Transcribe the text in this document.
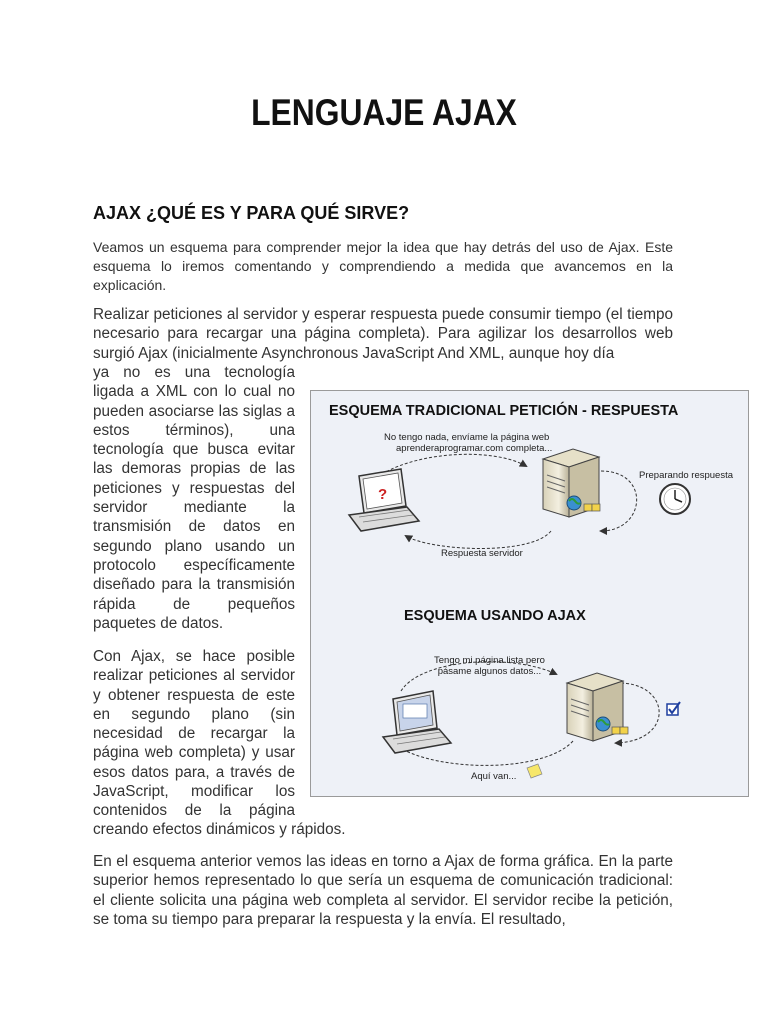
LENGUAJE AJAX
AJAX ¿QUÉ ES Y PARA QUÉ SIRVE?

Veamos un esquema para comprender mejor la idea que hay detrás del uso de Ajax. Este esquema lo iremos comentando y comprendiendo a medida que avancemos en la explicación.

Realizar peticiones al servidor y esperar respuesta puede consumir tiempo (el tiempo necesario para recargar una página completa). Para agilizar los desarrollos web surgió Ajax (inicialmente Asynchronous JavaScript And XML, aunque hoy día

ya no es una tecnología ligada a XML con lo cual no pueden asociarse las siglas a estos términos), una tecnología que busca evitar las demoras propias de las peticiones y respuestas del servidor mediante la transmisión de datos en segundo plano usando un protocolo específicamente diseñado para la transmisión rápida de pequeños

paquetes de datos.

Con Ajax, se hace posible realizar peticiones al servidor y obtener respuesta de este en segundo plano (sin necesidad de recargar la página web completa) y usar esos datos para, a través de JavaScript, modificar los contenidos de la página

creando efectos dinámicos y rápidos.

En el esquema anterior vemos las ideas en torno a Ajax de forma gráfica. En la parte superior hemos representado lo que sería un esquema de comunicación tradicional: el cliente solicita una página web completa al servidor. El servidor recibe la petición, se toma su tiempo para preparar la respuesta y la envía. El resultado,

?

ESQUEMA TRADICIONAL PETICIÓN - RESPUESTA

No tengo nada, envíame la página web
aprenderaprogramar.com completa...

Preparando respuesta

Respuesta servidor

ESQUEMA USANDO AJAX

Tengo mi página lista pero
pásame algunos datos...

Aquí van...
